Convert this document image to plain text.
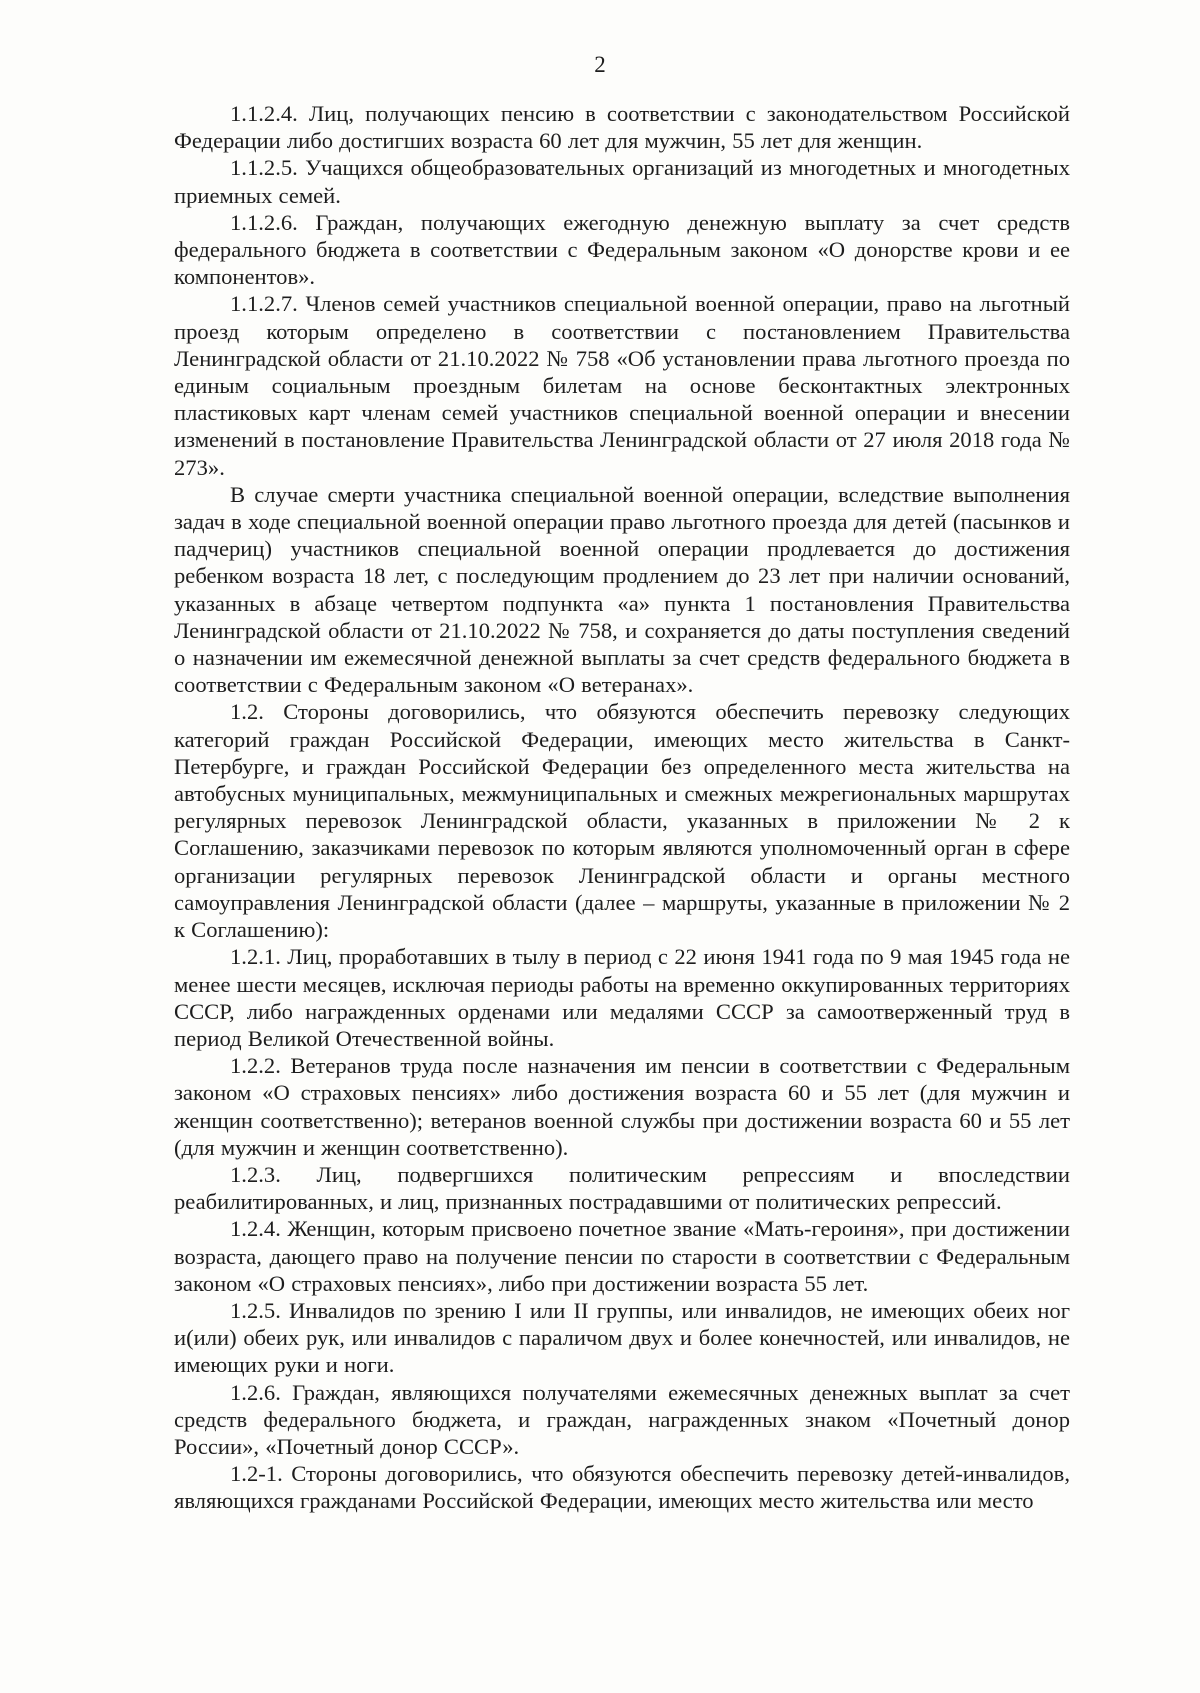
2

1.1.2.4. Лиц, получающих пенсию в соответствии с законодательством Российской Федерации либо достигших возраста 60 лет для мужчин, 55 лет для женщин.

1.1.2.5. Учащихся общеобразовательных организаций из многодетных и многодетных приемных семей.

1.1.2.6. Граждан, получающих ежегодную денежную выплату за счет средств федерального бюджета в соответствии с Федеральным законом «О донорстве крови и ее компонентов».

1.1.2.7. Членов семей участников специальной военной операции, право на льготный проезд которым определено в соответствии с постановлением Правительства Ленинградской области от 21.10.2022 № 758 «Об установлении права льготного проезда по единым социальным проездным билетам на основе бесконтактных электронных пластиковых карт членам семей участников специальной военной операции и внесении изменений в постановление Правительства Ленинградской области от 27 июля 2018 года № 273».

В случае смерти участника специальной военной операции, вследствие выполнения задач в ходе специальной военной операции право льготного проезда для детей (пасынков и падчериц) участников специальной военной операции продлевается до достижения ребенком возраста 18 лет, с последующим продлением до 23 лет при наличии оснований, указанных в абзаце четвертом подпункта «а» пункта 1 постановления Правительства Ленинградской области от 21.10.2022 № 758, и сохраняется до даты поступления сведений о назначении им ежемесячной денежной выплаты за счет средств федерального бюджета в соответствии с Федеральным законом «О ветеранах».

1.2. Стороны договорились, что обязуются обеспечить перевозку следующих категорий граждан Российской Федерации, имеющих место жительства в Санкт-Петербурге, и граждан Российской Федерации без определенного места жительства на автобусных муниципальных, межмуниципальных и смежных межрегиональных маршрутах регулярных перевозок Ленинградской области, указанных в приложении № 2 к Соглашению, заказчиками перевозок по которым являются уполномоченный орган в сфере организации регулярных перевозок Ленинградской области и органы местного самоуправления Ленинградской области (далее – маршруты, указанные в приложении № 2 к Соглашению):

1.2.1. Лиц, проработавших в тылу в период с 22 июня 1941 года по 9 мая 1945 года не менее шести месяцев, исключая периоды работы на временно оккупированных территориях СССР, либо награжденных орденами или медалями СССР за самоотверженный труд в период Великой Отечественной войны.

1.2.2. Ветеранов труда после назначения им пенсии в соответствии с Федеральным законом «О страховых пенсиях» либо достижения возраста 60 и 55 лет (для мужчин и женщин соответственно); ветеранов военной службы при достижении возраста 60 и 55 лет (для мужчин и женщин соответственно).

1.2.3. Лиц, подвергшихся политическим репрессиям и впоследствии реабилитированных, и лиц, признанных пострадавшими от политических репрессий.

1.2.4. Женщин, которым присвоено почетное звание «Мать-героиня», при достижении возраста, дающего право на получение пенсии по старости в соответствии с Федеральным законом «О страховых пенсиях», либо при достижении возраста 55 лет.

1.2.5. Инвалидов по зрению I или II группы, или инвалидов, не имеющих обеих ног и(или) обеих рук, или инвалидов с параличом двух и более конечностей, или инвалидов, не имеющих руки и ноги.

1.2.6. Граждан, являющихся получателями ежемесячных денежных выплат за счет средств федерального бюджета, и граждан, награжденных знаком «Почетный донор России», «Почетный донор СССР».

1.2-1. Стороны договорились, что обязуются обеспечить перевозку детей-инвалидов, являющихся гражданами Российской Федерации, имеющих место жительства или место
